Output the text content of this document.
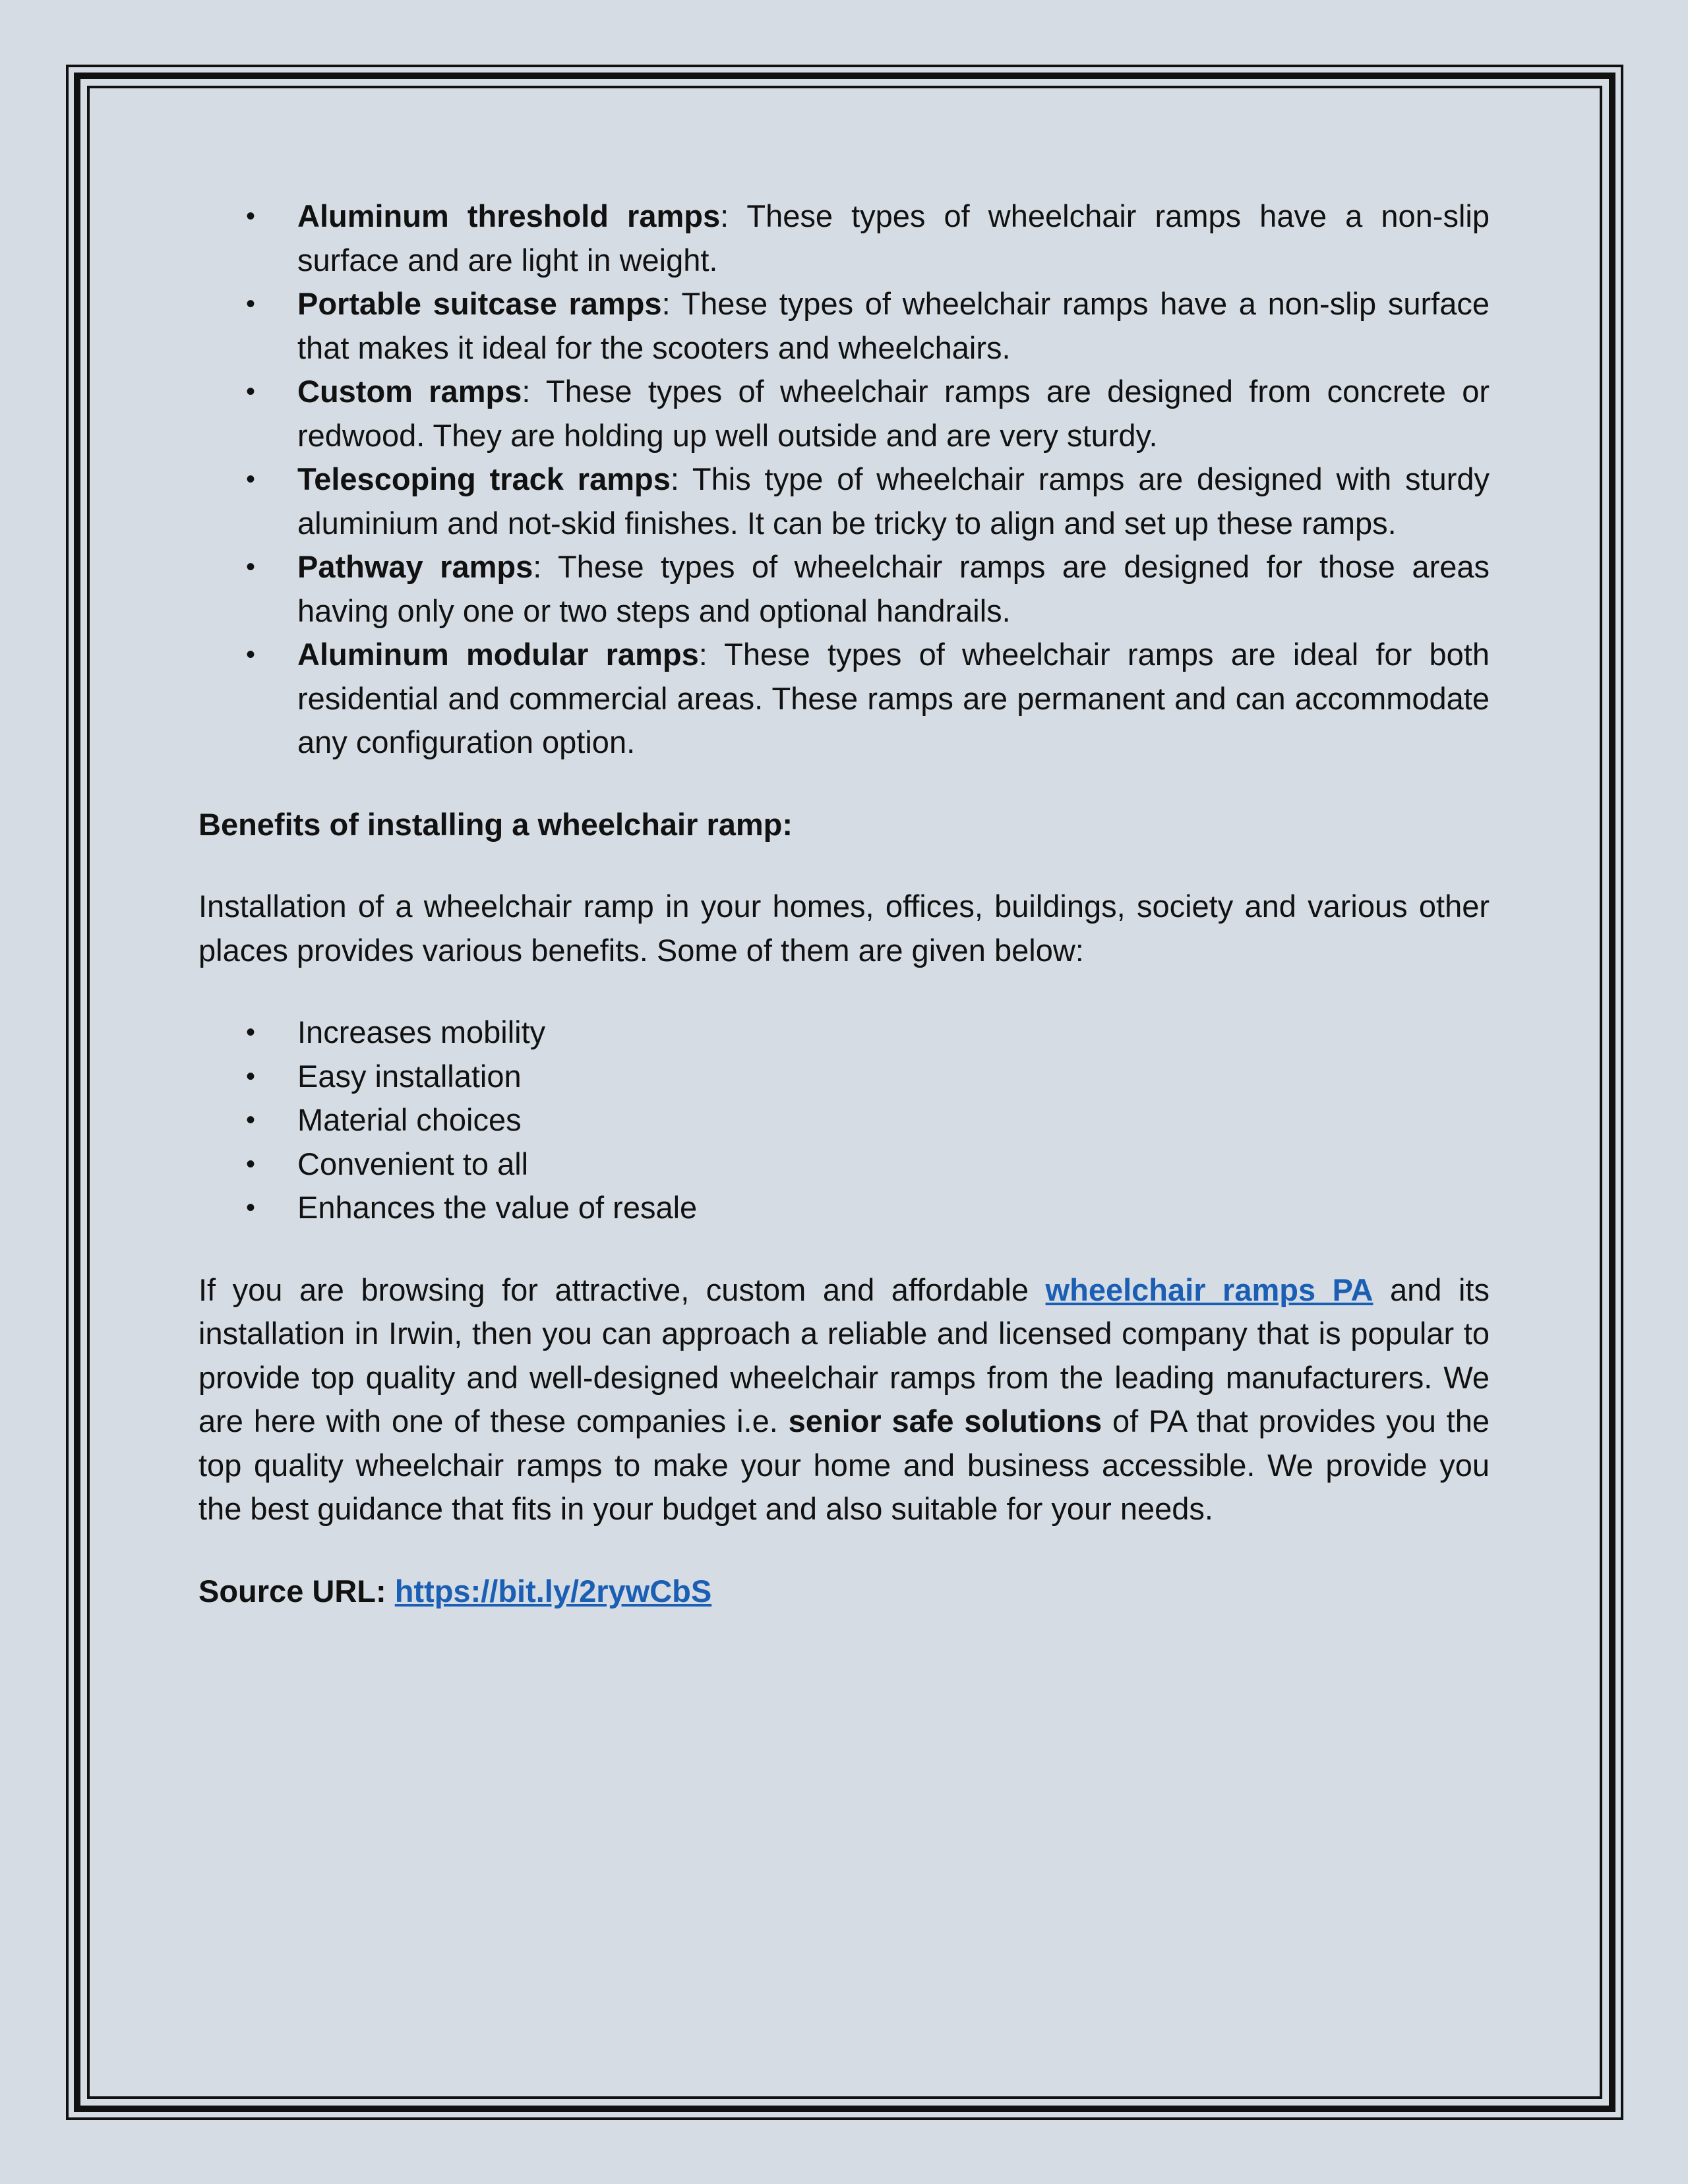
• Aluminum threshold ramps: These types of wheelchair ramps have a non-slip surface and are light in weight.
• Portable suitcase ramps: These types of wheelchair ramps have a non-slip surface that makes it ideal for the scooters and wheelchairs.
• Custom ramps: These types of wheelchair ramps are designed from concrete or redwood. They are holding up well outside and are very sturdy.
• Telescoping track ramps: This type of wheelchair ramps are designed with sturdy aluminium and not-skid finishes. It can be tricky to align and set up these ramps.
• Pathway ramps: These types of wheelchair ramps are designed for those areas having only one or two steps and optional handrails.
• Aluminum modular ramps: These types of wheelchair ramps are ideal for both residential and commercial areas. These ramps are permanent and can accommodate any configuration option.

Benefits of installing a wheelchair ramp:

Installation of a wheelchair ramp in your homes, offices, buildings, society and various other places provides various benefits. Some of them are given below:

• Increases mobility
• Easy installation
• Material choices
• Convenient to all
• Enhances the value of resale

If you are browsing for attractive, custom and affordable wheelchair ramps PA and its installation in Irwin, then you can approach a reliable and licensed company that is popular to provide top quality and well-designed wheelchair ramps from the leading manufacturers. We are here with one of these companies i.e. senior safe solutions of PA that provides you the top quality wheelchair ramps to make your home and business accessible. We provide you the best guidance that fits in your budget and also suitable for your needs.

Source URL: https://bit.ly/2rywCbS
